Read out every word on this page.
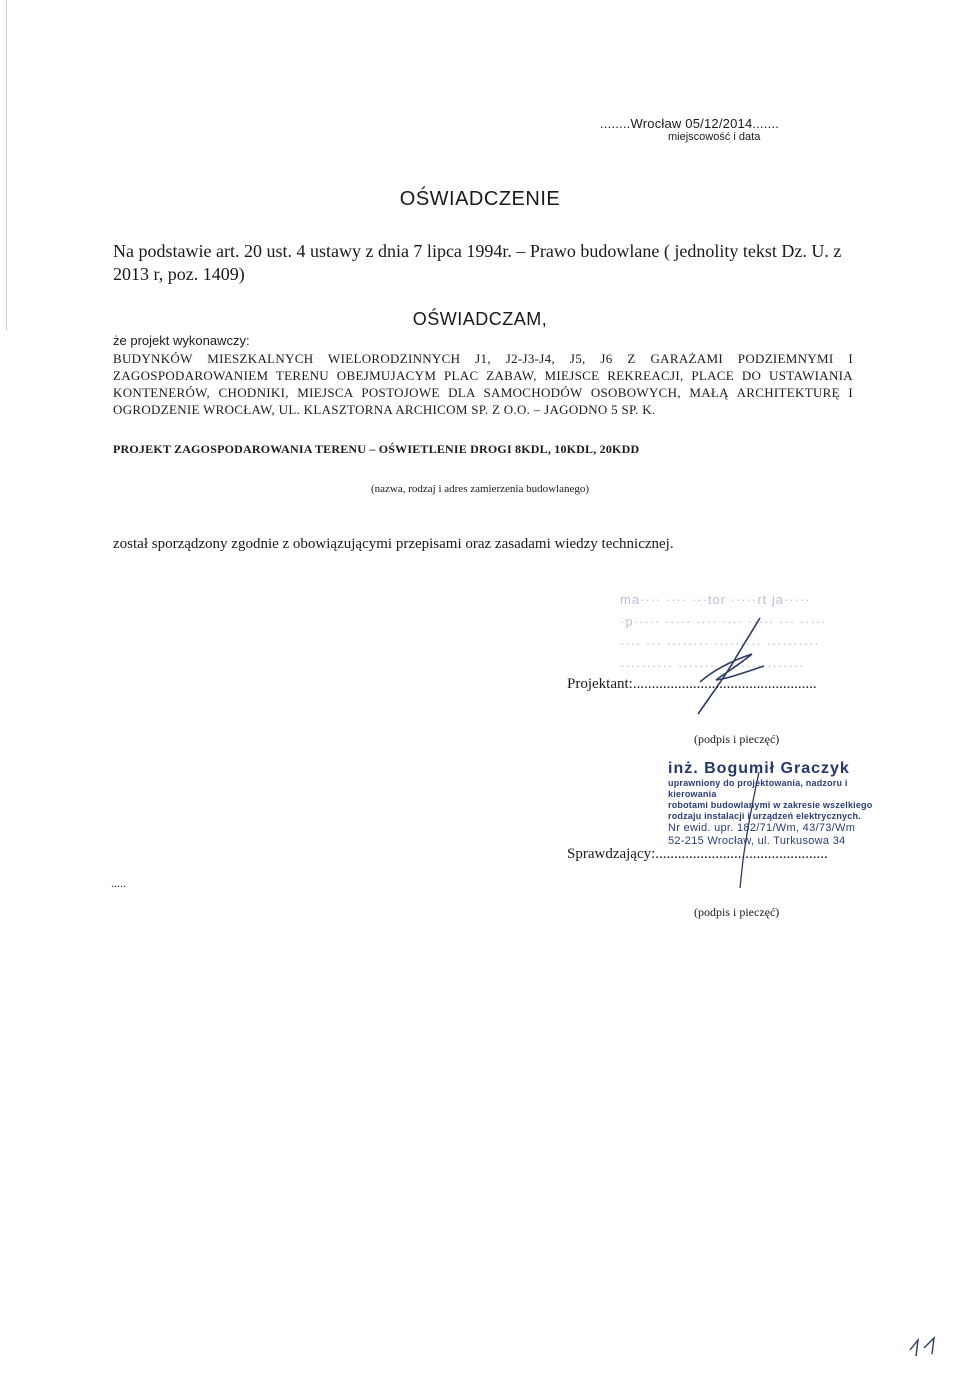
........Wrocław 05/12/2014.......
miejscowość i data
OŚWIADCZENIE
Na podstawie art. 20 ust. 4 ustawy z dnia 7 lipca 1994r. – Prawo budowlane ( jednolity tekst Dz. U. z 2013 r, poz. 1409)
OŚWIADCZAM,
że projekt wykonawczy:
BUDYNKÓW MIESZKALNYCH WIELORODZINNYCH J1, J2-J3-J4, J5, J6 Z GARAŻAMI PODZIEMNYMI I ZAGOSPODAROWANIEM TERENU OBEJMUJACYM PLAC ZABAW, MIEJSCE REKREACJI, PLACE DO USTAWIANIA KONTENERÓW, CHODNIKI, MIEJSCA POSTOJOWE DLA SAMOCHODÓW OSOBOWYCH, MAŁĄ ARCHITEKTURĘ I OGRODZENIE WROCŁAW, UL. KLASZTORNA ARCHICOM SP. Z O.O. – JAGODNO 5 SP. K.
PROJEKT ZAGOSPODAROWANIA TERENU – OŚWIETLENIE DROGI 8KDL, 10KDL, 20KDD
(nazwa, rodzaj i adres zamierzenia budowlanego)
został sporządzony zgodnie z obowiązującymi przepisami oraz zasadami wiedzy technicznej.
ma···· ···· ···tor ·····rt ja·····
·p····· ····· ···· ···· ····· ··· ·····
···· ··· ········ ········· ··········
·········· ······· ········ ·······
Projektant:.................................................
(podpis i pieczęć)
inż. Bogumił Graczyk
uprawniony do projektowania, nadzoru i kierowania
robotami budowlanymi w zakresie wszelkiego
rodzaju instalacji i urządzeń elektrycznych.
Nr ewid. upr. 182/71/Wm, 43/73/Wm
52-215 Wrocław, ul. Turkusowa 34
Sprawdzający:..............................................
.....
(podpis i pieczęć)
